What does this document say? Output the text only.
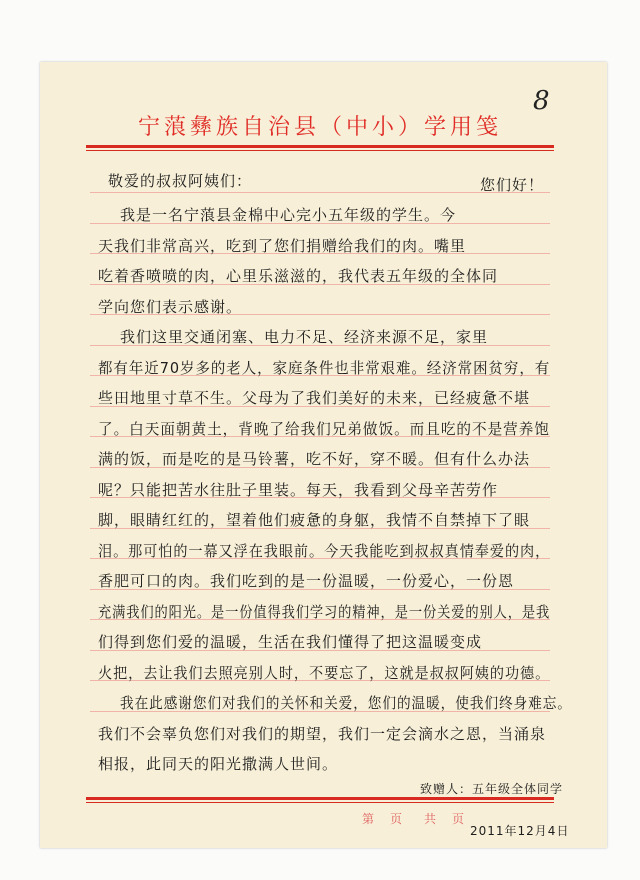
8
宁蒗彝族自治县（中小）学用笺
敬爱的叔叔阿姨们：	您们好！
我是一名宁蒗县金棉中心完小五年级的学生。今
天我们非常高兴，吃到了您们捐赠给我们的肉。嘴里
吃着香喷喷的肉，心里乐滋滋的，我代表五年级的全体同
学向您们表示感谢。
我们这里交通闭塞、电力不足、经济来源不足，家里
都有年近70岁多的老人，家庭条件也非常艰难。经济常困贫穷，有
些田地里寸草不生。父母为了我们美好的未来，已经疲惫不堪
了。白天面朝黄土，背晚了给我们兄弟做饭。而且吃的不是营养饱
满的饭，而是吃的是马铃薯，吃不好，穿不暖。但有什么办法
呢？只能把苦水往肚子里装。每天，我看到父母辛苦劳作
脚，眼睛红红的，望着他们疲惫的身躯，我情不自禁掉下了眼
泪。那可怕的一幕又浮在我眼前。今天我能吃到叔叔真情奉爱的肉，
香肥可口的肉。我们吃到的是一份温暖，一份爱心，一份恩
充满我们的阳光。是一份值得我们学习的精神，是一份关爱的别人，是我
们得到您们爱的温暖，生活在我们懂得了把这温暖变成
火把，去让我们去照亮别人时，不要忘了，这就是叔叔阿姨的功德。
我在此感谢您们对我们的关怀和关爱，您们的温暖，使我们终身难忘。
致赠人：五年级全体同学
2011年12月4日
第　页 共　页
我们不会辜负您们对我们的期望，我们一定会滴水之恩，当涌泉
相报，此同天的阳光撒满人世间。
